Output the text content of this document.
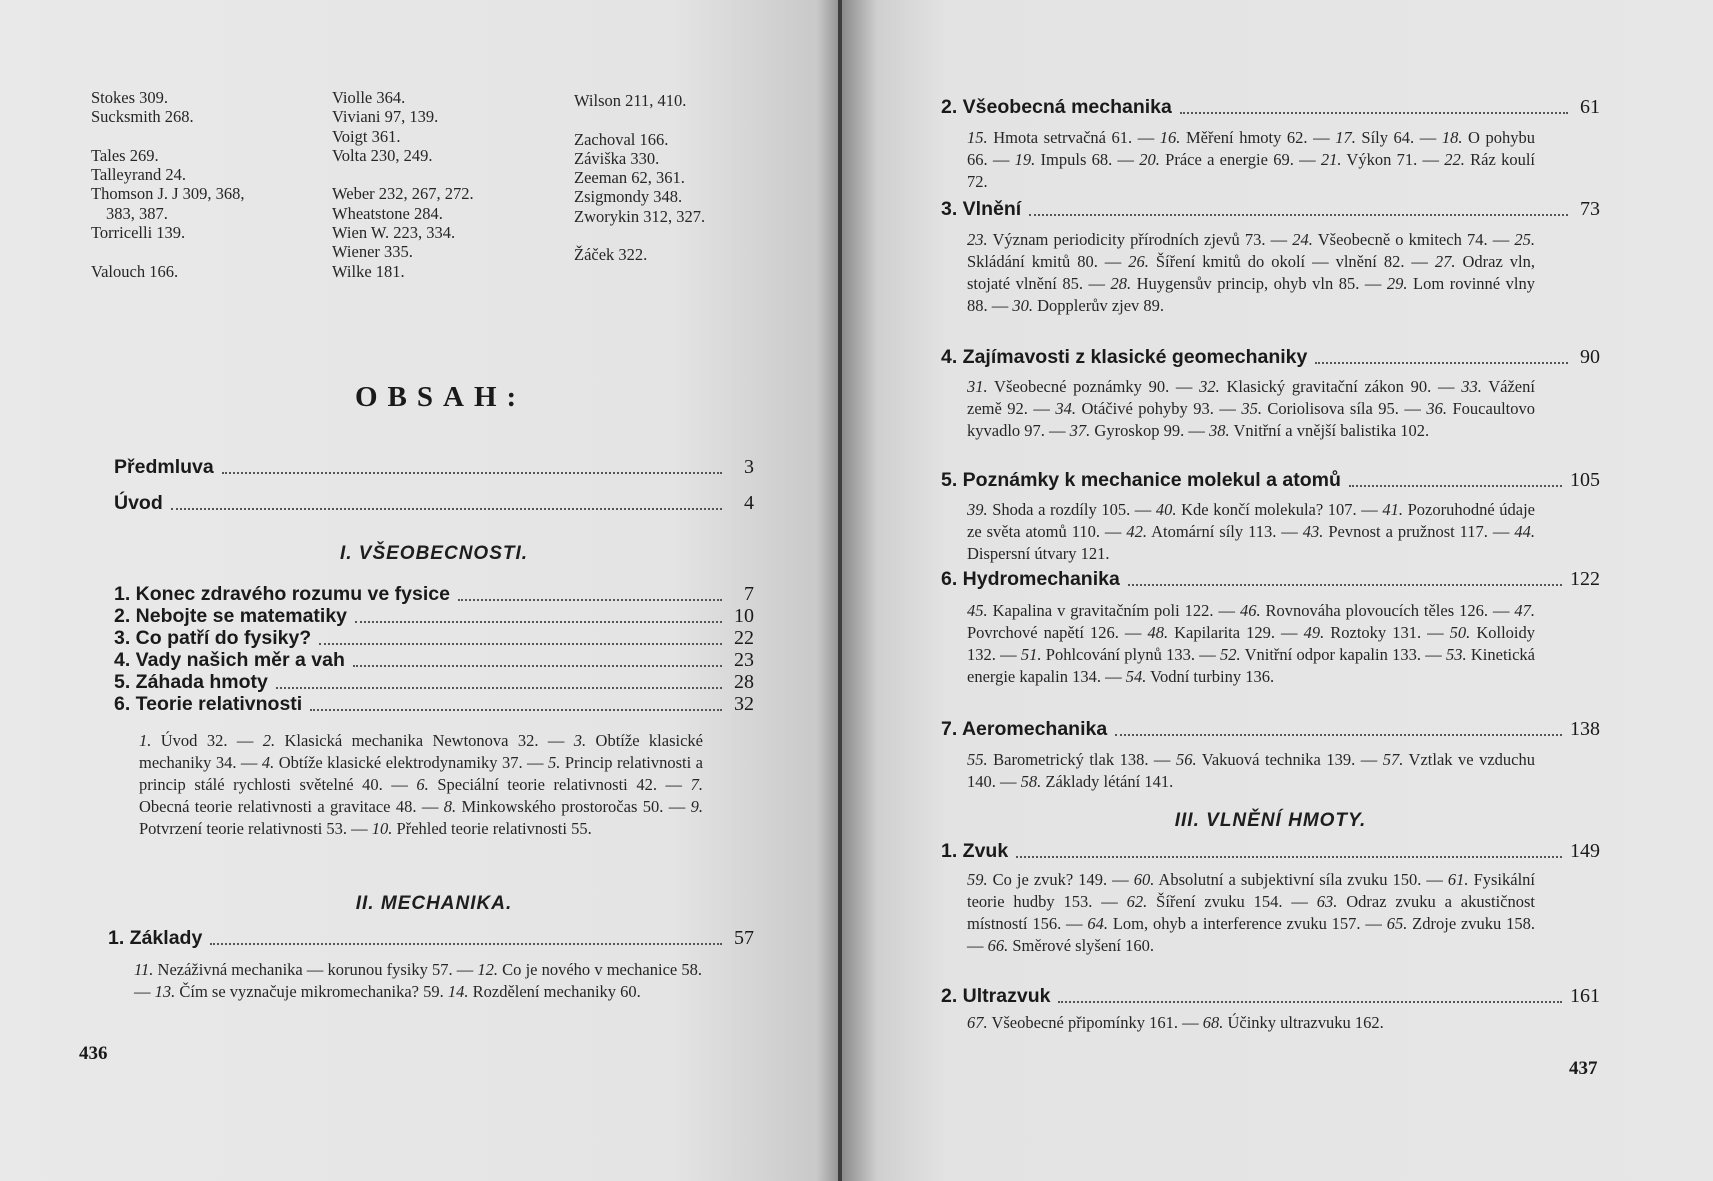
Stokes 309.
Sucksmith 268.
Tales 269.
Talleyrand 24.
Thomson J. J 309, 368,
383, 387.
Torricelli 139.
Valouch 166.
Violle 364.
Viviani 97, 139.
Voigt 361.
Volta 230, 249.
Weber 232, 267, 272.
Wheatstone 284.
Wien W. 223, 334.
Wiener 335.
Wilke 181.
Wilson 211, 410.
Zachoval 166.
Záviška 330.
Zeeman 62, 361.
Zsigmondy 348.
Zworykin 312, 327.
Žáček 322.
OBSAH:
Předmluva	3
Úvod	4
I. VŠEOBECNOSTI.
1. Konec zdravého rozumu ve fysice	7
2. Nebojte se matematiky	10
3. Co patří do fysiky?	22
4. Vady našich měr a vah	23
5. Záhada hmoty	28
6. Teorie relativnosti	32
1. Úvod 32. — 2. Klasická mechanika Newtonova 32. — 3. Obtíže klasické mechaniky 34. — 4. Obtíže klasické elektrodynamiky 37. — 5. Princip relativnosti a princip stálé rychlosti světelné 40. — 6. Speciální teorie relativnosti 42. — 7. Obecná teorie relativnosti a gravitace 48. — 8. Minkowského prostoročas 50. — 9. Potvrzení teorie relativnosti 53. — 10. Přehled teorie relativnosti 55.
II. MECHANIKA.
1. Základy	57
11. Nezáživná mechanika — korunou fysiky 57. — 12. Co je nového v mechanice 58. — 13. Čím se vyznačuje mikromechanika? 59. 14. Rozdělení mechaniky 60.
436
2. Všeobecná mechanika	61
15. Hmota setrvačná 61. — 16. Měření hmoty 62. — 17. Síly 64. — 18. O pohybu 66. — 19. Impuls 68. — 20. Práce a energie 69. — 21. Výkon 71. — 22. Ráz koulí 72.
3. Vlnění	73
23. Význam periodicity přírodních zjevů 73. — 24. Všeobecně o kmitech 74. — 25. Skládání kmitů 80. — 26. Šíření kmitů do okolí — vlnění 82. — 27. Odraz vln, stojaté vlnění 85. — 28. Huygensův princip, ohyb vln 85. — 29. Lom rovinné vlny 88. — 30. Dopplerův zjev 89.
4. Zajímavosti z klasické geomechaniky	90
31. Všeobecné poznámky 90. — 32. Klasický gravitační zákon 90. — 33. Vážení země 92. — 34. Otáčivé pohyby 93. — 35. Coriolisova síla 95. — 36. Foucaultovo kyvadlo 97. — 37. Gyroskop 99. — 38. Vnitřní a vnější balistika 102.
5. Poznámky k mechanice molekul a atomů	105
39. Shoda a rozdíly 105. — 40. Kde končí molekula? 107. — 41. Pozoruhodné údaje ze světa atomů 110. — 42. Atomární síly 113. — 43. Pevnost a pružnost 117. — 44. Dispersní útvary 121.
6. Hydromechanika	122
45. Kapalina v gravitačním poli 122. — 46. Rovnováha plovoucích těles 126. — 47. Povrchové napětí 126. — 48. Kapilarita 129. — 49. Roztoky 131. — 50. Kolloidy 132. — 51. Pohlcování plynů 133. — 52. Vnitřní odpor kapalin 133. — 53. Kinetická energie kapalin 134. — 54. Vodní turbiny 136.
7. Aeromechanika	138
55. Barometrický tlak 138. — 56. Vakuová technika 139. — 57. Vztlak ve vzduchu 140. — 58. Základy létání 141.
III. VLNĚNÍ HMOTY.
1. Zvuk	149
59. Co je zvuk? 149. — 60. Absolutní a subjektivní síla zvuku 150. — 61. Fysikální teorie hudby 153. — 62. Šíření zvuku 154. — 63. Odraz zvuku a akustičnost místností 156. — 64. Lom, ohyb a interference zvuku 157. — 65. Zdroje zvuku 158. — 66. Směrové slyšení 160.
2. Ultrazvuk	161
67. Všeobecné připomínky 161. — 68. Účinky ultrazvuku 162.
437
